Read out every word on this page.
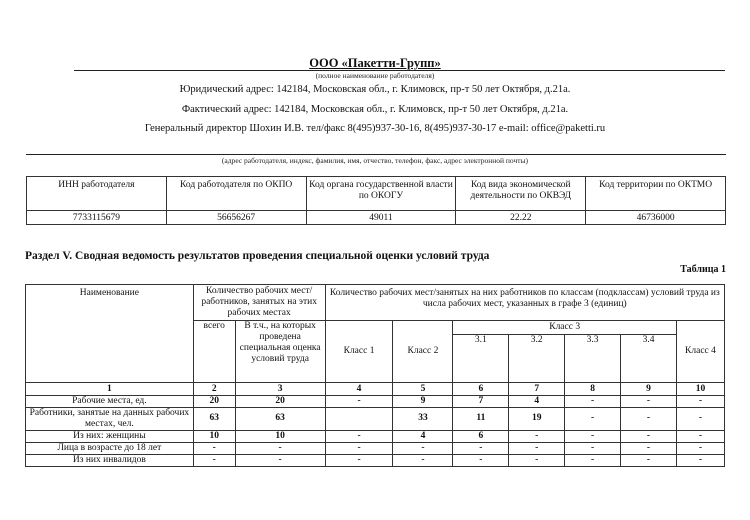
ООО «Пакетти-Групп»
(полное наименование работодателя)
Юридический адрес: 142184, Московская обл., г. Климовск, пр-т 50 лет Октября, д.21а.
Фактический адрес: 142184, Московская обл., г. Климовск, пр-т 50 лет Октября, д.21а.
Генеральный директор Шохин И.В. тел/факс 8(495)937-30-16, 8(495)937-30-17 e-mail: office@paketti.ru
(адрес работодателя, индекс, фамилия, имя, отчество, телефон, факс, адрес электронной почты)
ИНН работодателя	Код работодателя по ОКПО	Код органа государственной власти по ОКОГУ	Код вида экономической деятельности по ОКВЭД	Код территории по ОКТМО
7733115679	56656267	49011	22.22	46736000
Раздел V. Сводная ведомость результатов проведения специальной оценки условий труда
Таблица 1
Наименование	Количество рабочих мест/работников, занятых на этих рабочих местах		Количество рабочих мест/занятых на них работников по классам (подклассам) условий труда из числа рабочих мест, указанных в графе 3 (единиц)						
	всего	В т.ч., на которых проведена специальная оценка условий труда	Класс 1	Класс 2	Класс 3				Класс 4
					3.1	3.2	3.3	3.4	
1	2	3	4	5	6	7	8	9	10
Рабочие места, ед.	20	20	-	9	7	4	-	-	-
Работники, занятые на данных рабочих местах, чел.	63	63		33	11	19	-	-	-
Из них: женщины	10	10	-	4	6	-	-	-	-
Лица в возрасте до 18 лет	-	-	-	-	-	-	-	-	-
Из них инвалидов	-	-	-	-	-	-	-	-	-
